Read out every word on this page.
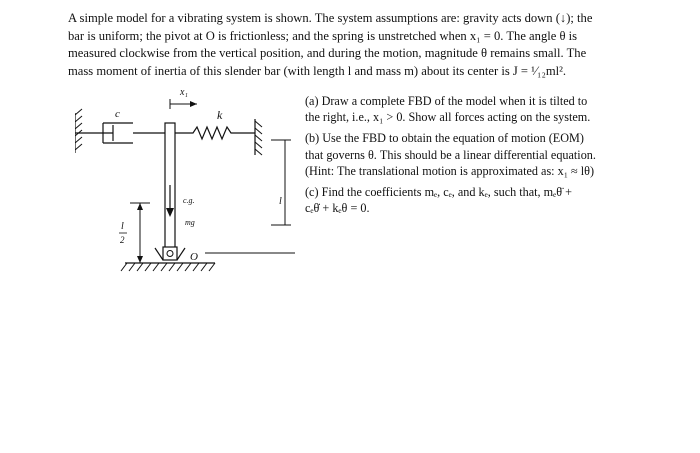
A simple model for a vibrating system is shown. The system assumptions are: gravity acts down (↓); the
bar is uniform; the pivot at O is frictionless; and the spring is unstretched when x₁ = 0. The angle θ is
measured clockwise from the vertical position, and during the motion, magnitude θ remains small. The
mass moment of inertia of this slender bar (with length l and mass m) about its center is J = ¹⁄₁₂ml².
c
x₁
k
c.g.
mg
l
2
l
O
(a) Draw a complete FBD of the model when it is tilted to
the right, i.e., x₁ > 0. Show all forces acting on the system.
(b) Use the FBD to obtain the equation of motion (EOM)
that governs θ. This should be a linear differential equation.
(Hint: The translational motion is approximated as: x₁ ≈ lθ)
(c) Find the coefficients mₑ, cₑ, and kₑ, such that, mₑθ̈ +
cₑθ̇ + kₑθ = 0.
